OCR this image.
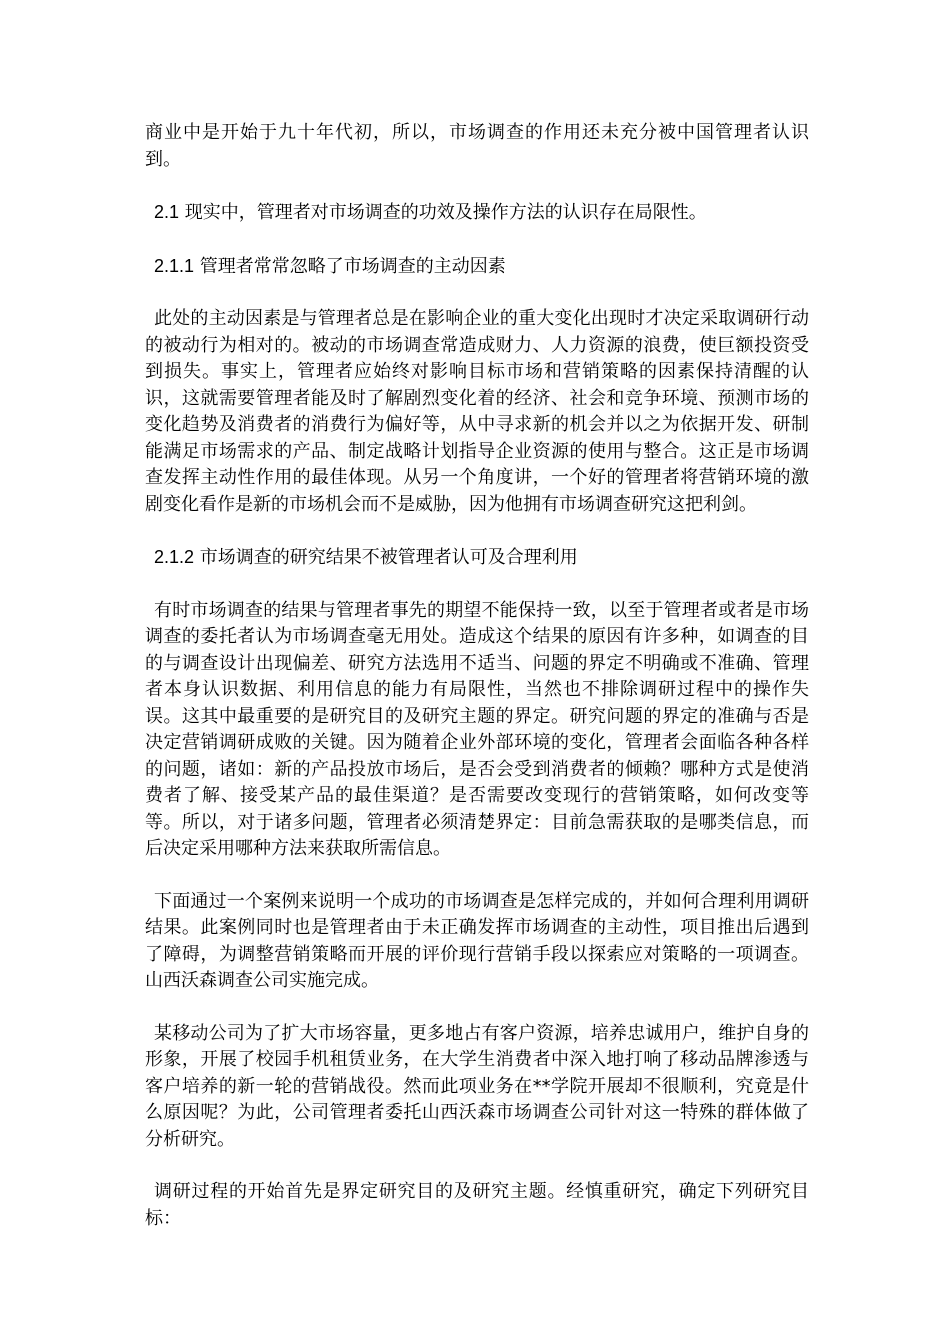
商业中是开始于九十年代初，所以，市场调查的作用还未充分被中国管理者认识到。

2.1 现实中，管理者对市场调查的功效及操作方法的认识存在局限性。

2.1.1 管理者常常忽略了市场调查的主动因素

此处的主动因素是与管理者总是在影响企业的重大变化出现时才决定采取调研行动的被动行为相对的。被动的市场调查常造成财力、人力资源的浪费，使巨额投资受到损失。事实上，管理者应始终对影响目标市场和营销策略的因素保持清醒的认识，这就需要管理者能及时了解剧烈变化着的经济、社会和竞争环境、预测市场的变化趋势及消费者的消费行为偏好等，从中寻求新的机会并以之为依据开发、研制能满足市场需求的产品、制定战略计划指导企业资源的使用与整合。这正是市场调查发挥主动性作用的最佳体现。从另一个角度讲，一个好的管理者将营销环境的激剧变化看作是新的市场机会而不是威胁，因为他拥有市场调查研究这把利剑。

2.1.2 市场调查的研究结果不被管理者认可及合理利用

有时市场调查的结果与管理者事先的期望不能保持一致，以至于管理者或者是市场调查的委托者认为市场调查毫无用处。造成这个结果的原因有许多种，如调查的目的与调查设计出现偏差、研究方法选用不适当、问题的界定不明确或不准确、管理者本身认识数据、利用信息的能力有局限性，当然也不排除调研过程中的操作失误。这其中最重要的是研究目的及研究主题的界定。研究问题的界定的准确与否是决定营销调研成败的关键。因为随着企业外部环境的变化，管理者会面临各种各样的问题，诸如：新的产品投放市场后，是否会受到消费者的倾赖？哪种方式是使消费者了解、接受某产品的最佳渠道？是否需要改变现行的营销策略，如何改变等等。所以，对于诸多问题，管理者必须清楚界定：目前急需获取的是哪类信息，而后决定采用哪种方法来获取所需信息。

下面通过一个案例来说明一个成功的市场调查是怎样完成的，并如何合理利用调研结果。此案例同时也是管理者由于未正确发挥市场调查的主动性，项目推出后遇到了障碍，为调整营销策略而开展的评价现行营销手段以探索应对策略的一项调查。山西沃森调查公司实施完成。

某移动公司为了扩大市场容量，更多地占有客户资源，培养忠诚用户，维护自身的形象，开展了校园手机租赁业务，在大学生消费者中深入地打响了移动品牌渗透与客户培养的新一轮的营销战役。然而此项业务在**学院开展却不很顺利，究竟是什么原因呢？为此，公司管理者委托山西沃森市场调查公司针对这一特殊的群体做了分析研究。

调研过程的开始首先是界定研究目的及研究主题。经慎重研究，确定下列研究目标：
